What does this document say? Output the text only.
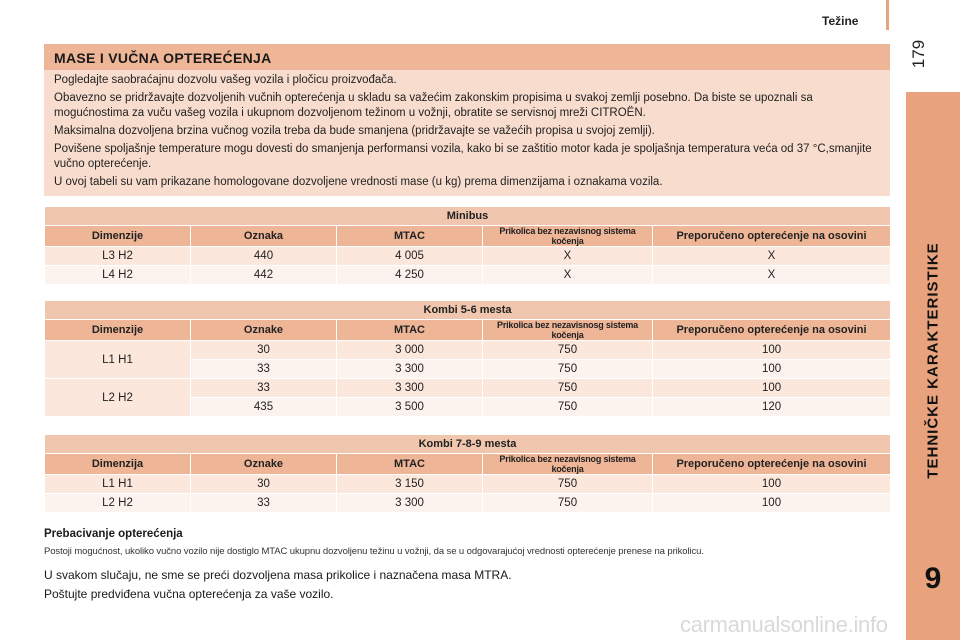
Težine
179
TEHNIČKE KARAKTERISTIKE
9
MASE I VUČNA OPTEREĆENJA

Pogledajte saobraćajnu dozvolu vašeg vozila i pločicu proizvođača.

Obavezno se pridržavajte dozvoljenih vučnih opterećenja u skladu sa važećim zakonskim propisima u svakoj zemlji posebno. Da biste se upoznali sa mogućnostima za vuču vašeg vozila i ukupnom dozvoljenom težinom u vožnji, obratite se servisnoj mreži CITROËN.

Maksimalna dozvoljena brzina vučnog vozila treba da bude smanjena (pridržavajte se važećih propisa u svojoj zemlji).

Povišene spoljašnje temperature mogu dovesti do smanjenja performansi vozila, kako bi se zaštitio motor kada je spoljašnja temperatura veća od 37 °C,smanjite vučno opterećenje.

U ovoj tabeli su vam prikazane homologovane dozvoljene vrednosti mase (u kg) prema dimenzijama i oznakama vozila.

Minibus				
Dimenzije	Oznaka	MTAC	Prikolica bez nezavisnog sistema kočenja	Preporučeno opterećenje na osovini
L3 H2	440	4 005	X	X
L4 H2	442	4 250	X	X
Kombi 5-6 mesta				
Dimenzije	Oznake	MTAC	Prikolica bez nezavisnosg sistema kočenja	Preporučeno opterećenje na osovini
L1 H1	30	3 000	750	100
	33	3 300	750	100
L2 H2	33	3 300	750	100
	435	3 500	750	120
Kombi 7-8-9 mesta				
Dimenzija	Oznake	MTAC	Prikolica bez nezavisnog sistema kočenja	Preporučeno opterećenje na osovini
L1 H1	30	3 150	750	100
L2 H2	33	3 300	750	100
Prebacivanje opterećenja
Postoji mogućnost, ukoliko vučno vozilo nije dostiglo MTAC ukupnu dozvoljenu težinu u vožnji, da se u odgovarajućoj vrednosti opterećenje prenese na prikolicu.
U svakom slučaju, ne sme se preći dozvoljena masa prikolice i naznačena masa MTRA.
Poštujte predviđena vučna opterećenja za vaše vozilo.
carmanualsonline.info
